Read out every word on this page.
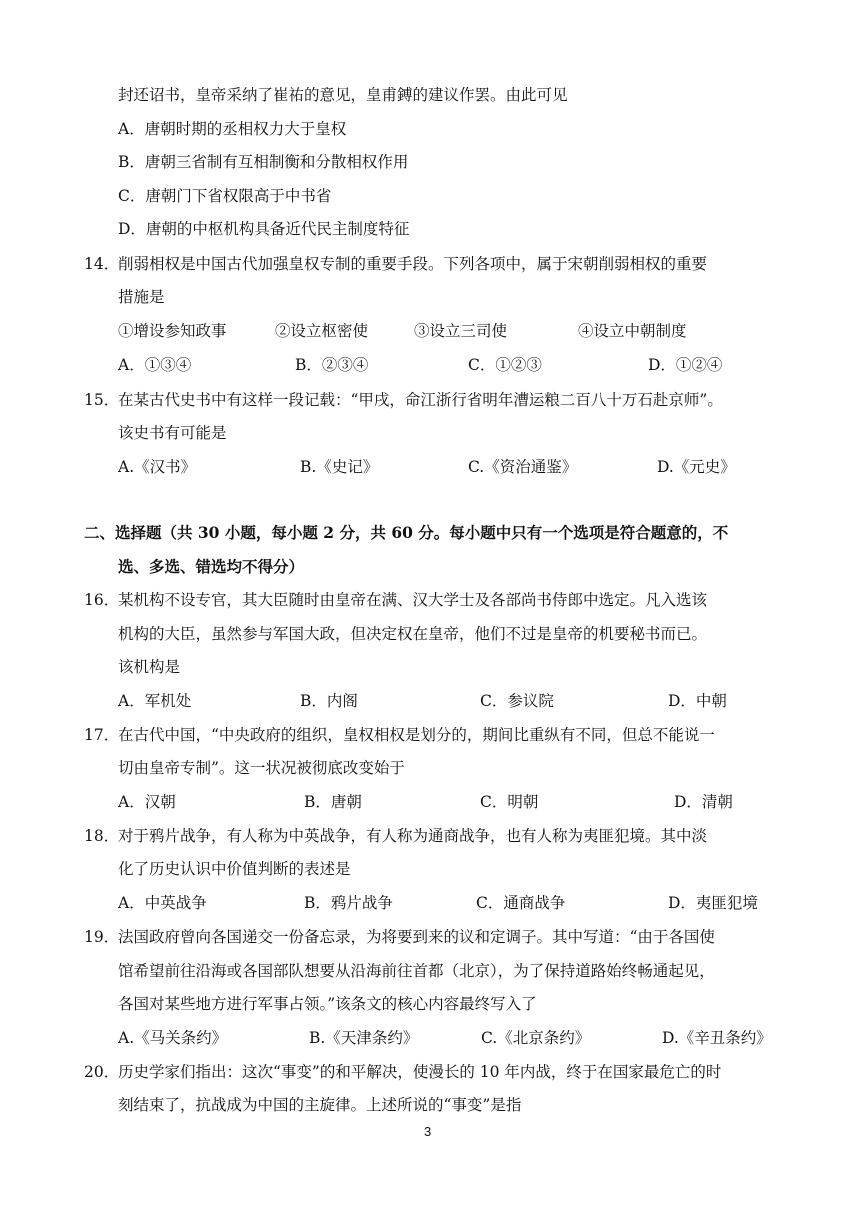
封还诏书，皇帝采纳了崔祐的意见，皇甫鎛的建议作罢。由此可见
A．唐朝时期的丞相权力大于皇权
B．唐朝三省制有互相制衡和分散相权作用
C．唐朝门下省权限高于中书省
D．唐朝的中枢机构具备近代民主制度特征
14．
削弱相权是中国古代加强皇权专制的重要手段。下列各项中，属于宋朝削弱相权的重要
措施是
①增设参知政事	②设立枢密使	③设立三司使	④设立中朝制度
A．①③④	B．②③④	C．①②③	D．①②④
15．
在某古代史书中有这样一段记载：“甲戌，命江浙行省明年漕运粮二百八十万石赴京师”。
该史书有可能是
A.《汉书》	B.《史记》	C.《资治通鉴》	D.《元史》
二、选择题（共 30 小题，每小题 2 分，共 60 分。每小题中只有一个选项是符合题意的，不
选、多选、错选均不得分）
16．
某机构不设专官，其大臣随时由皇帝在满、汉大学士及各部尚书侍郎中选定。凡入选该
机构的大臣，虽然参与军国大政，但决定权在皇帝，他们不过是皇帝的机要秘书而已。
该机构是
A．军机处	B．内阁	C．参议院	D．中朝
17．
在古代中国，“中央政府的组织，皇权相权是划分的，期间比重纵有不同，但总不能说一
切由皇帝专制”。这一状况被彻底改变始于
A．汉朝	B．唐朝	C．明朝	D．清朝
18．
对于鸦片战争，有人称为中英战争，有人称为通商战争，也有人称为夷匪犯境。其中淡
化了历史认识中价值判断的表述是
A．中英战争	B．鸦片战争	C．通商战争	D．夷匪犯境
19．
法国政府曾向各国递交一份备忘录，为将要到来的议和定调子。其中写道：“由于各国使
馆希望前往沿海或各国部队想要从沿海前往首都（北京），为了保持道路始终畅通起见，
各国对某些地方进行军事占领。”该条文的核心内容最终写入了
A.《马关条约》	B.《天津条约》	C.《北京条约》	D.《辛丑条约》
20．
历史学家们指出：这次“事变”的和平解决，使漫长的 10 年内战，终于在国家最危亡的时
刻结束了，抗战成为中国的主旋律。上述所说的“事变”是指
3
